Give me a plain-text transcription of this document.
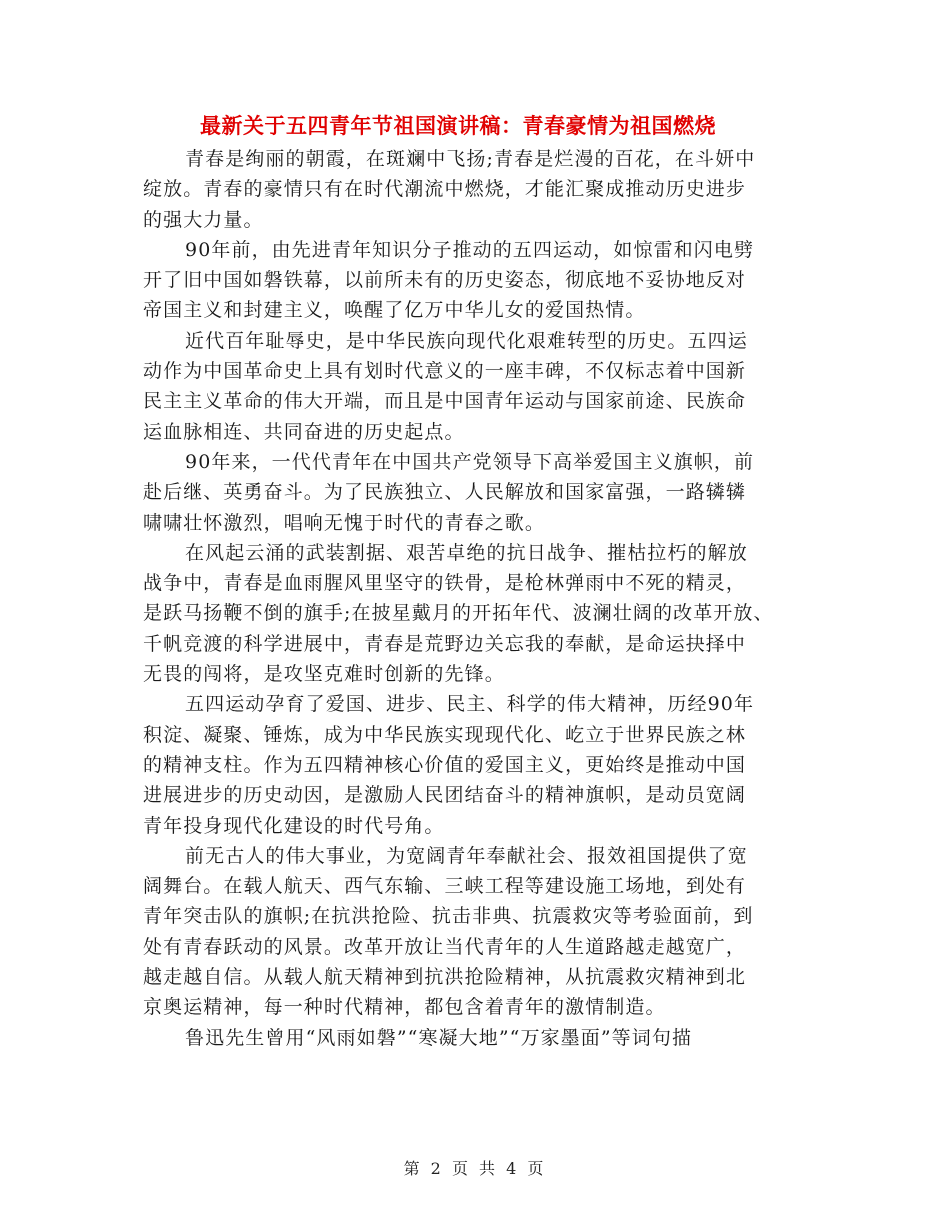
最新关于五四青年节祖国演讲稿：青春豪情为祖国燃烧

青春是绚丽的朝霞，在斑斓中飞扬;青春是烂漫的百花，在斗妍中
绽放。青春的豪情只有在时代潮流中燃烧，才能汇聚成推动历史进步
的强大力量。

90年前，由先进青年知识分子推动的五四运动，如惊雷和闪电劈
开了旧中国如磐铁幕，以前所未有的历史姿态，彻底地不妥协地反对
帝国主义和封建主义，唤醒了亿万中华儿女的爱国热情。

近代百年耻辱史，是中华民族向现代化艰难转型的历史。五四运
动作为中国革命史上具有划时代意义的一座丰碑，不仅标志着中国新
民主主义革命的伟大开端，而且是中国青年运动与国家前途、民族命
运血脉相连、共同奋进的历史起点。

90年来，一代代青年在中国共产党领导下高举爱国主义旗帜，前
赴后继、英勇奋斗。为了民族独立、人民解放和国家富强，一路辚辚
啸啸壮怀激烈，唱响无愧于时代的青春之歌。

在风起云涌的武装割据、艰苦卓绝的抗日战争、摧枯拉朽的解放
战争中，青春是血雨腥风里坚守的铁骨，是枪林弹雨中不死的精灵，
是跃马扬鞭不倒的旗手;在披星戴月的开拓年代、波澜壮阔的改革开放、
千帆竞渡的科学进展中，青春是荒野边关忘我的奉献，是命运抉择中
无畏的闯将，是攻坚克难时创新的先锋。

五四运动孕育了爱国、进步、民主、科学的伟大精神，历经90年
积淀、凝聚、锤炼，成为中华民族实现现代化、屹立于世界民族之林
的精神支柱。作为五四精神核心价值的爱国主义，更始终是推动中国
进展进步的历史动因，是激励人民团结奋斗的精神旗帜，是动员宽阔
青年投身现代化建设的时代号角。

前无古人的伟大事业，为宽阔青年奉献社会、报效祖国提供了宽
阔舞台。在载人航天、西气东输、三峡工程等建设施工场地，到处有
青年突击队的旗帜;在抗洪抢险、抗击非典、抗震救灾等考验面前，到
处有青春跃动的风景。改革开放让当代青年的人生道路越走越宽广，
越走越自信。从载人航天精神到抗洪抢险精神，从抗震救灾精神到北
京奥运精神，每一种时代精神，都包含着青年的激情制造。

鲁迅先生曾用“风雨如磐”“寒凝大地”“万家墨面”等词句描

第 2 页 共 4 页
